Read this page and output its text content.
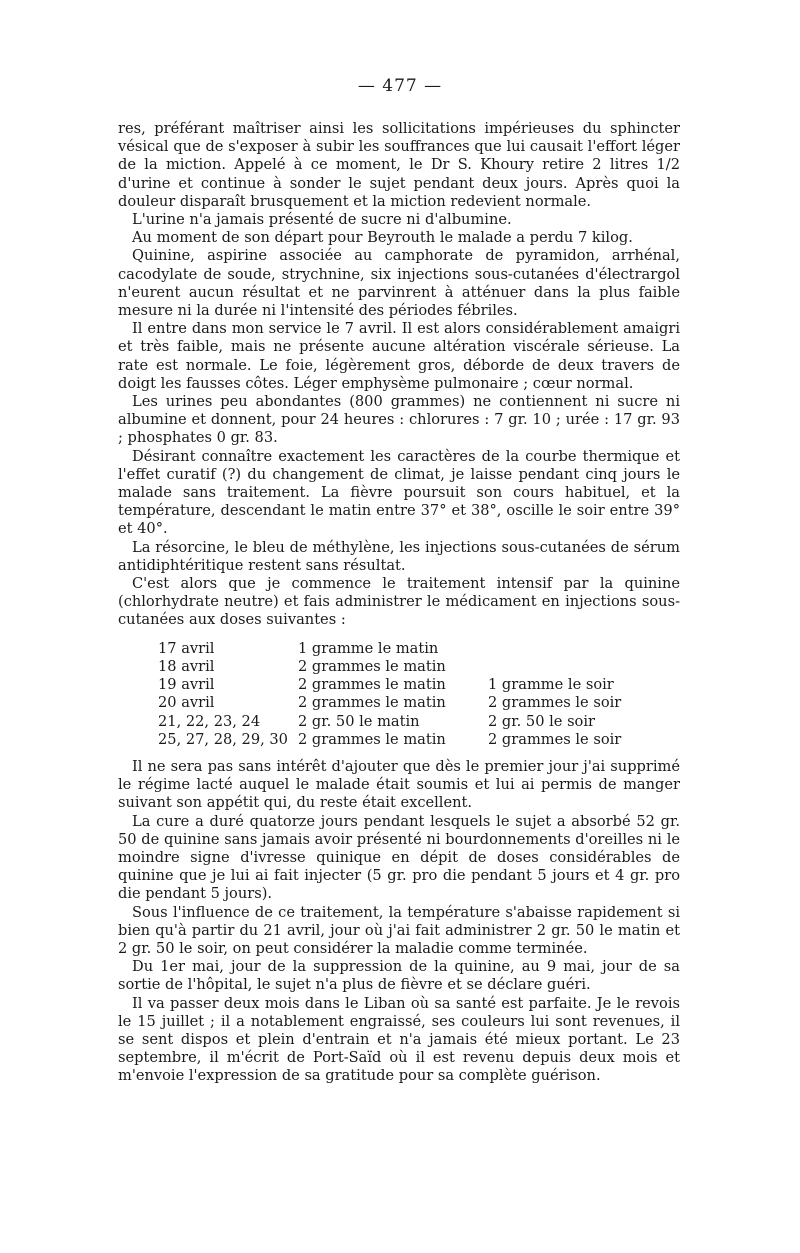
— 477 —

res, préférant maîtriser ainsi les sollicitations impérieuses du sphincter vésical que de s'exposer à subir les souffrances que lui causait l'effort léger de la miction. Appelé à ce moment, le Dr S. Khoury retire 2 litres 1/2 d'urine et continue à sonder le sujet pendant deux jours. Après quoi la douleur disparaît brusquement et la miction redevient normale.

L'urine n'a jamais présenté de sucre ni d'albumine.

Au moment de son départ pour Beyrouth le malade a perdu 7 kilog.

Quinine, aspirine associée au camphorate de pyramidon, arrhénal, cacodylate de soude, strychnine, six injections sous-cutanées d'électrargol n'eurent aucun résultat et ne parvinrent à atténuer dans la plus faible mesure ni la durée ni l'intensité des périodes fébriles.

Il entre dans mon service le 7 avril. Il est alors considérablement amaigri et très faible, mais ne présente aucune altération viscérale sérieuse. La rate est normale. Le foie, légèrement gros, déborde de deux travers de doigt les fausses côtes. Léger emphysème pulmonaire ; cœur normal.

Les urines peu abondantes (800 grammes) ne contiennent ni sucre ni albumine et donnent, pour 24 heures : chlorures : 7 gr. 10 ; urée : 17 gr. 93 ; phosphates 0 gr. 83.

Désirant connaître exactement les caractères de la courbe thermique et l'effet curatif (?) du changement de climat, je laisse pendant cinq jours le malade sans traitement. La fièvre poursuit son cours habituel, et la température, descendant le matin entre 37° et 38°, oscille le soir entre 39° et 40°.

La résorcine, le bleu de méthylène, les injections sous-cutanées de sérum antidiphtéritique restent sans résultat.

C'est alors que je commence le traitement intensif par la quinine (chlorhydrate neutre) et fais administrer le médicament en injections sous-cutanées aux doses suivantes :

17 avril	1 gramme le matin	
18 avril	2 grammes le matin	
19 avril	2 grammes le matin	1 gramme le soir
20 avril	2 grammes le matin	2 grammes le soir
21, 22, 23, 24	2 gr. 50 le matin	2 gr. 50 le soir
25, 27, 28, 29, 30	2 grammes le matin	2 grammes le soir

Il ne sera pas sans intérêt d'ajouter que dès le premier jour j'ai supprimé le régime lacté auquel le malade était soumis et lui ai permis de manger suivant son appétit qui, du reste était excellent.

La cure a duré quatorze jours pendant lesquels le sujet a absorbé 52 gr. 50 de quinine sans jamais avoir présenté ni bourdonnements d'oreilles ni le moindre signe d'ivresse quinique en dépit de doses considérables de quinine que je lui ai fait injecter (5 gr. pro die pendant 5 jours et 4 gr. pro die pendant 5 jours).

Sous l'influence de ce traitement, la température s'abaisse rapidement si bien qu'à partir du 21 avril, jour où j'ai fait administrer 2 gr. 50 le matin et 2 gr. 50 le soir, on peut considérer la maladie comme terminée.

Du 1er mai, jour de la suppression de la quinine, au 9 mai, jour de sa sortie de l'hôpital, le sujet n'a plus de fièvre et se déclare guéri.

Il va passer deux mois dans le Liban où sa santé est parfaite. Je le revois le 15 juillet ; il a notablement engraissé, ses couleurs lui sont revenues, il se sent dispos et plein d'entrain et n'a jamais été mieux portant. Le 23 septembre, il m'écrit de Port-Saïd où il est revenu depuis deux mois et m'envoie l'expression de sa gratitude pour sa complète guérison.
